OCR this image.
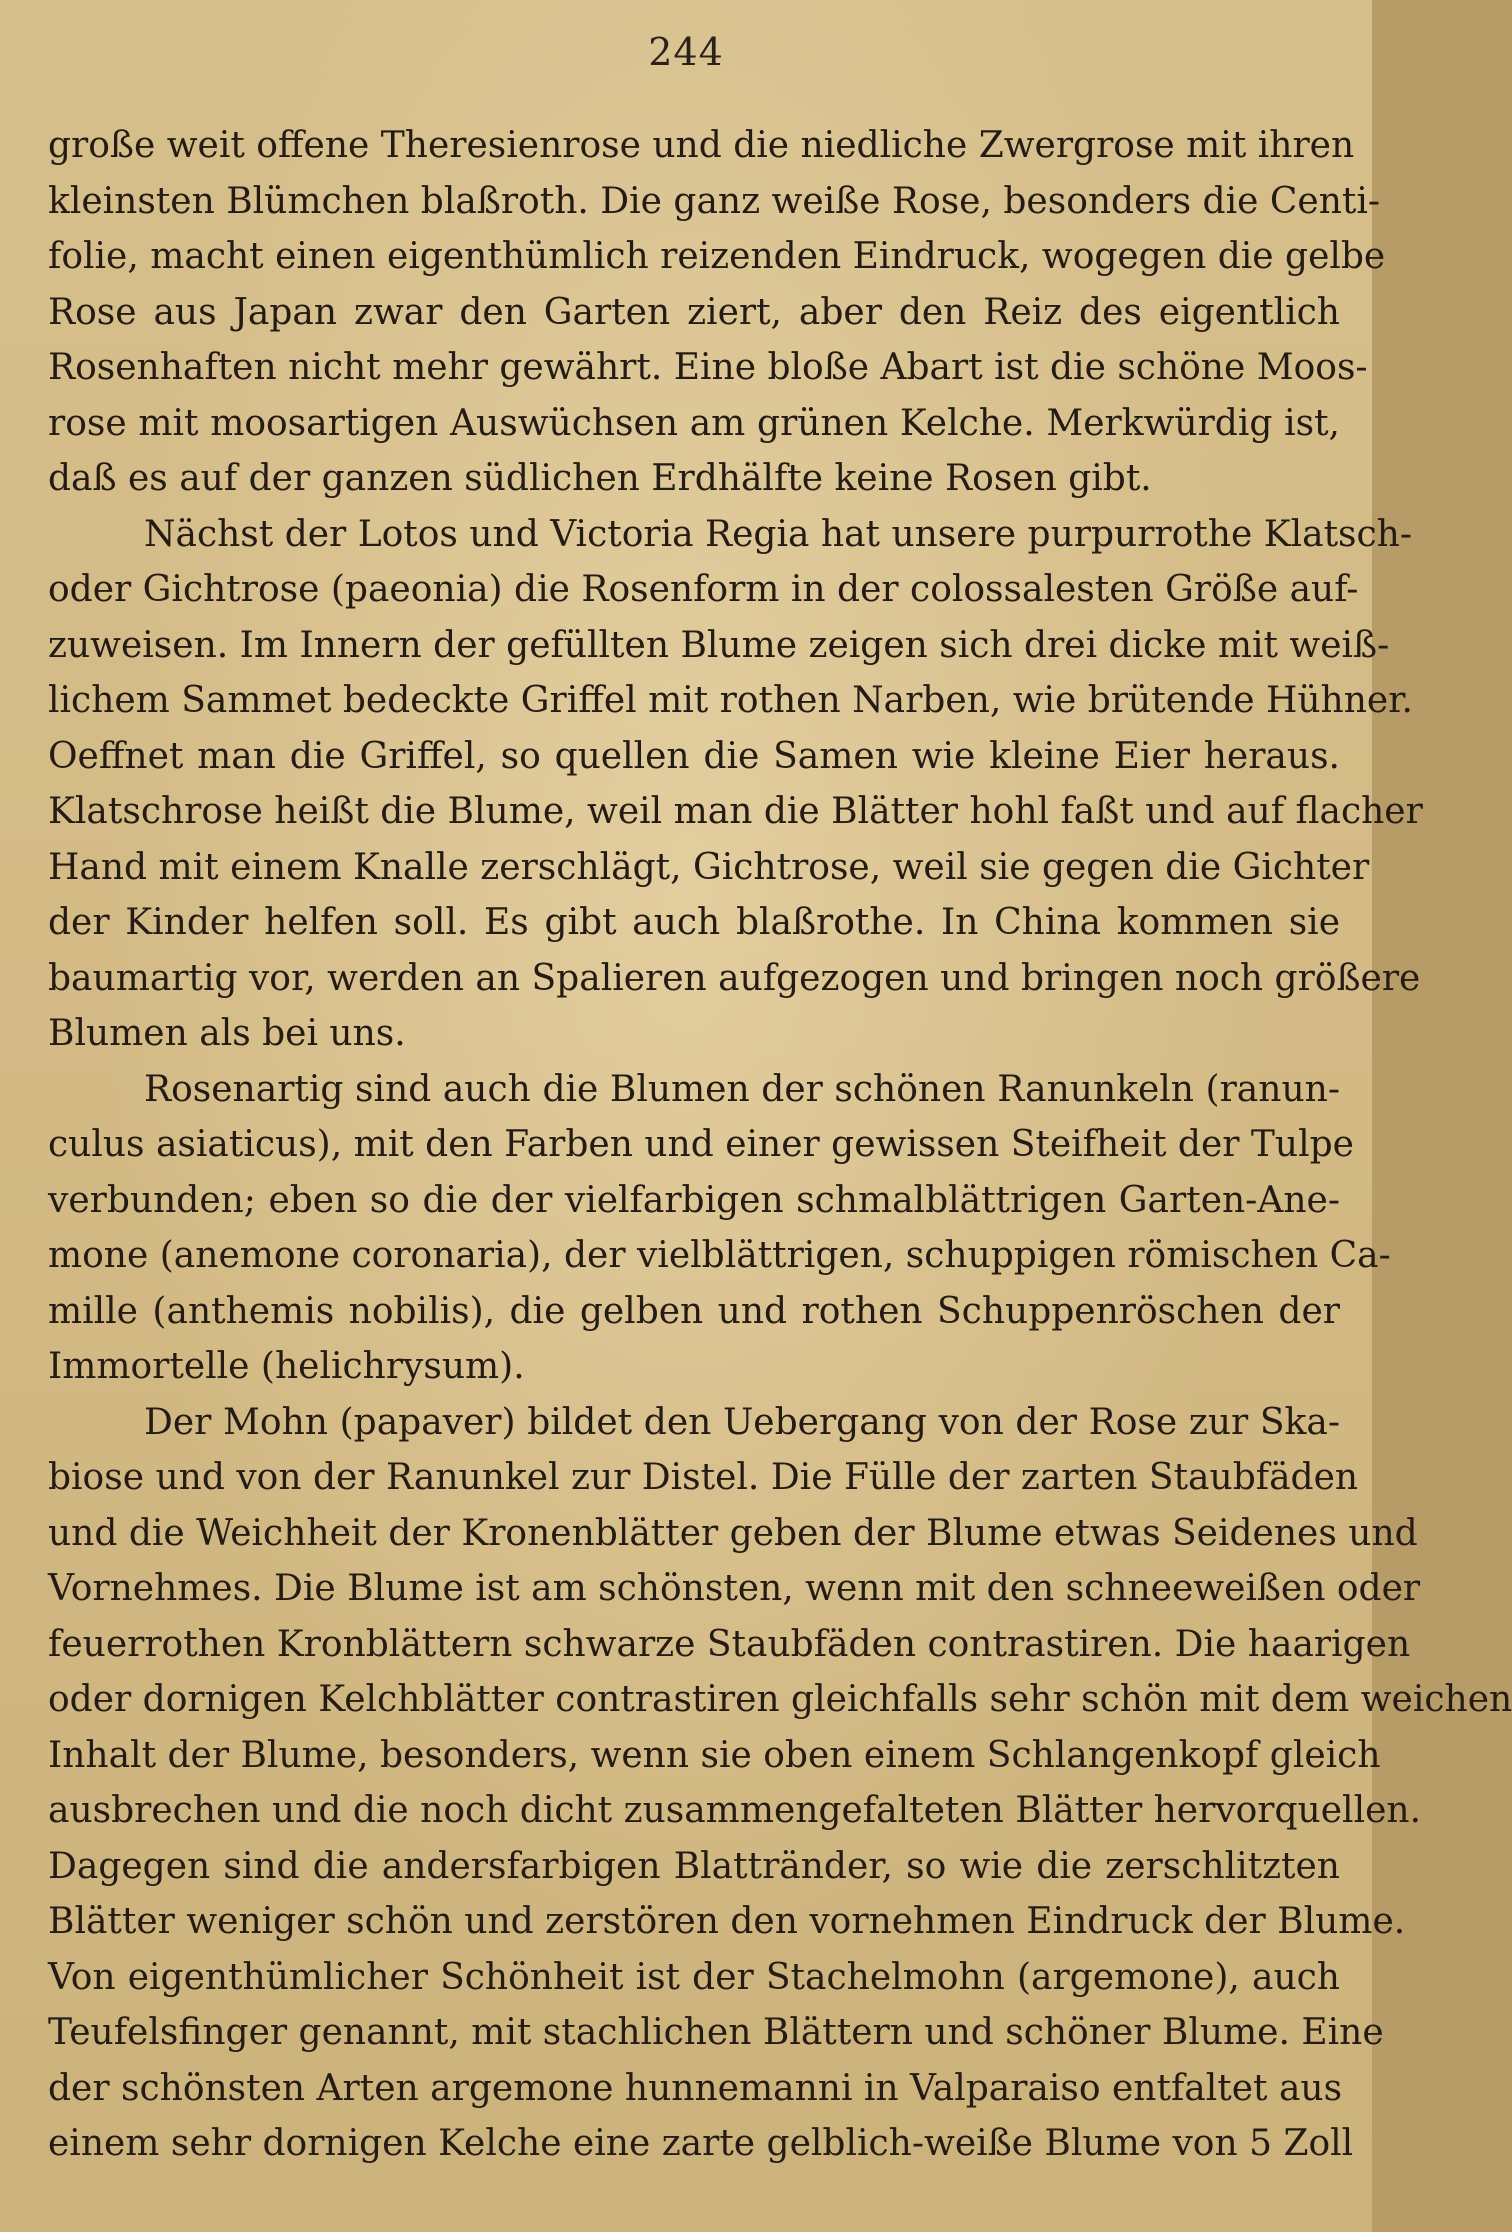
244
große weit offene Theresienrose und die niedliche Zwergrose mit ihren
kleinsten Blümchen blaßroth. Die ganz weiße Rose, besonders die Centi-
folie, macht einen eigenthümlich reizenden Eindruck, wogegen die gelbe
Rose aus Japan zwar den Garten ziert, aber den Reiz des eigentlich
Rosenhaften nicht mehr gewährt. Eine bloße Abart ist die schöne Moos-
rose mit moosartigen Auswüchsen am grünen Kelche. Merkwürdig ist,
daß es auf der ganzen südlichen Erdhälfte keine Rosen gibt.
Nächst der Lotos und Victoria Regia hat unsere purpurrothe Klatsch-
oder Gichtrose (paeonia) die Rosenform in der colossalesten Größe auf-
zuweisen. Im Innern der gefüllten Blume zeigen sich drei dicke mit weiß-
lichem Sammet bedeckte Griffel mit rothen Narben, wie brütende Hühner.
Oeffnet man die Griffel, so quellen die Samen wie kleine Eier heraus.
Klatschrose heißt die Blume, weil man die Blätter hohl faßt und auf flacher
Hand mit einem Knalle zerschlägt, Gichtrose, weil sie gegen die Gichter
der Kinder helfen soll. Es gibt auch blaßrothe. In China kommen sie
baumartig vor, werden an Spalieren aufgezogen und bringen noch größere
Blumen als bei uns.
Rosenartig sind auch die Blumen der schönen Ranunkeln (ranun-
culus asiaticus), mit den Farben und einer gewissen Steifheit der Tulpe
verbunden; eben so die der vielfarbigen schmalblättrigen Garten-Ane-
mone (anemone coronaria), der vielblättrigen, schuppigen römischen Ca-
mille (anthemis nobilis), die gelben und rothen Schuppenröschen der
Immortelle (helichrysum).
Der Mohn (papaver) bildet den Uebergang von der Rose zur Ska-
biose und von der Ranunkel zur Distel. Die Fülle der zarten Staubfäden
und die Weichheit der Kronenblätter geben der Blume etwas Seidenes und
Vornehmes. Die Blume ist am schönsten, wenn mit den schneeweißen oder
feuerrothen Kronblättern schwarze Staubfäden contrastiren. Die haarigen
oder dornigen Kelchblätter contrastiren gleichfalls sehr schön mit dem weichen
Inhalt der Blume, besonders, wenn sie oben einem Schlangenkopf gleich
ausbrechen und die noch dicht zusammengefalteten Blätter hervorquellen.
Dagegen sind die andersfarbigen Blattränder, so wie die zerschlitzten
Blätter weniger schön und zerstören den vornehmen Eindruck der Blume.
Von eigenthümlicher Schönheit ist der Stachelmohn (argemone), auch
Teufelsfinger genannt, mit stachlichen Blättern und schöner Blume. Eine
der schönsten Arten argemone hunnemanni in Valparaiso entfaltet aus
einem sehr dornigen Kelche eine zarte gelblich-weiße Blume von 5 Zoll
